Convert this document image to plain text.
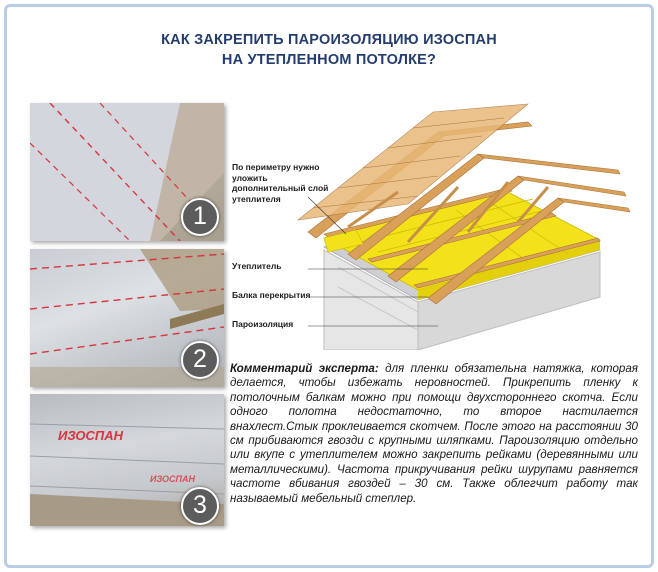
КАК ЗАКРЕПИТЬ ПАРОИЗОЛЯЦИЮ ИЗОСПАН
НА УТЕПЛЕННОМ ПОТОЛКЕ?
1
2
ИЗОСПАН
ИЗОСПАН
3
По периметру нужно уложить дополнительный слой утеплителя
Утеплитель
Балка перекрытия
Пароизоляция
Комментарий эксперта: для пленки обязательна натяжка, которая делается, чтобы избежать неровностей. Прикрепить пленку к потолочным балкам можно при помощи двухстороннего скотча. Если одного полотна недостаточно, то второе настилается внахлест.Стык проклеивается скотчем. После этого на расстоянии 30 см прибиваются гвозди с крупными шляпками. Пароизоляцию отдельно или вкупе с утеплителем можно закрепить рейками (деревянными или металлическими). Частота прикручивания рейки шурупами равняется частоте вбивания гвоздей – 30 см. Также облегчит работу так называемый мебельный степлер.
